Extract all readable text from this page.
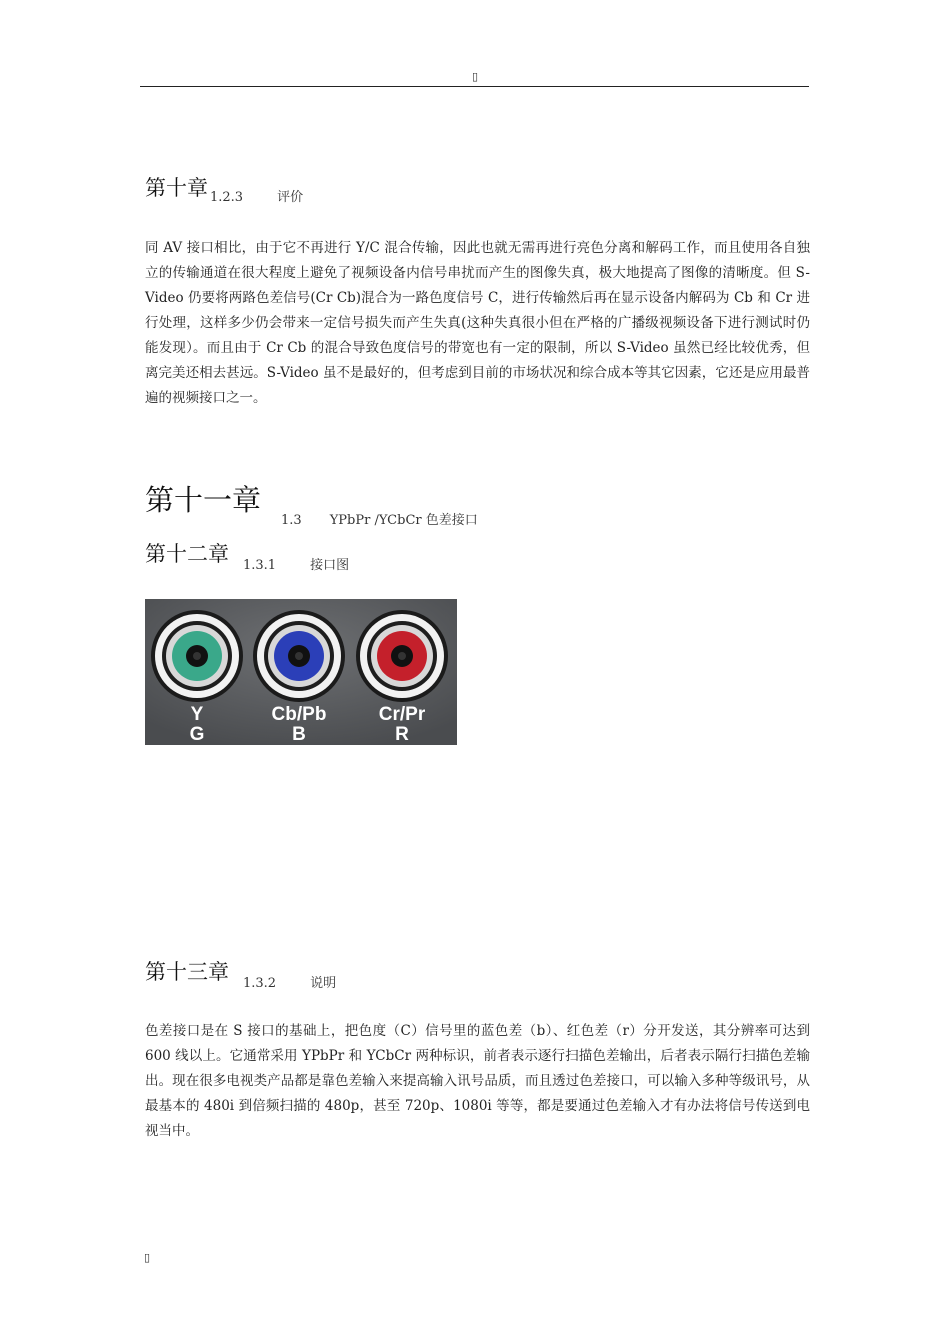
▯
第十章 $_{1.2.3}$	$_{评价}$

同 AV 接口相比，由于它不再进行 Y/C 混合传输，因此也就无需再进行亮色分离和解码工作，而且使用各自独立的传输通道在很大程度上避免了视频设备内信号串扰而产生的图像失真，极大地提高了图像的清晰度。但 S-Video 仍要将两路色差信号(Cr Cb)混合为一路色度信号 C，进行传输然后再在显示设备内解码为 Cb 和 Cr 进行处理，这样多少仍会带来一定信号损失而产生失真(这种失真很小但在严格的广播级视频设备下进行测试时仍能发现）。而且由于 Cr Cb 的混合导致色度信号的带宽也有一定的限制，所以 S-Video 虽然已经比较优秀，但离完美还相去甚远。S-Video 虽不是最好的，但考虑到目前的市场状况和综合成本等其它因素，它还是应用最普遍的视频接口之一。

第十一章$_{1.3}$ $_{YPbPr /YCbCr 色差接口}$
第十二章 $_{1.3.1}$	$_{接口图}$
Y
G
Cb/Pb
B
Cr/Pr
R
第十三章 $_{1.3.2}$	$_{说明}$

色差接口是在 S 接口的基础上，把色度（C）信号里的蓝色差（b）、红色差（r）分开发送，其分辨率可达到 600 线以上。它通常采用 YPbPr 和 YCbCr 两种标识，前者表示逐行扫描色差输出，后者表示隔行扫描色差输出。现在很多电视类产品都是靠色差输入来提高输入讯号品质，而且透过色差接口，可以输入多种等级讯号，从最基本的 480i 到倍频扫描的 480p，甚至 720p、1080i 等等，都是要通过色差输入才有办法将信号传送到电视当中。

▯
